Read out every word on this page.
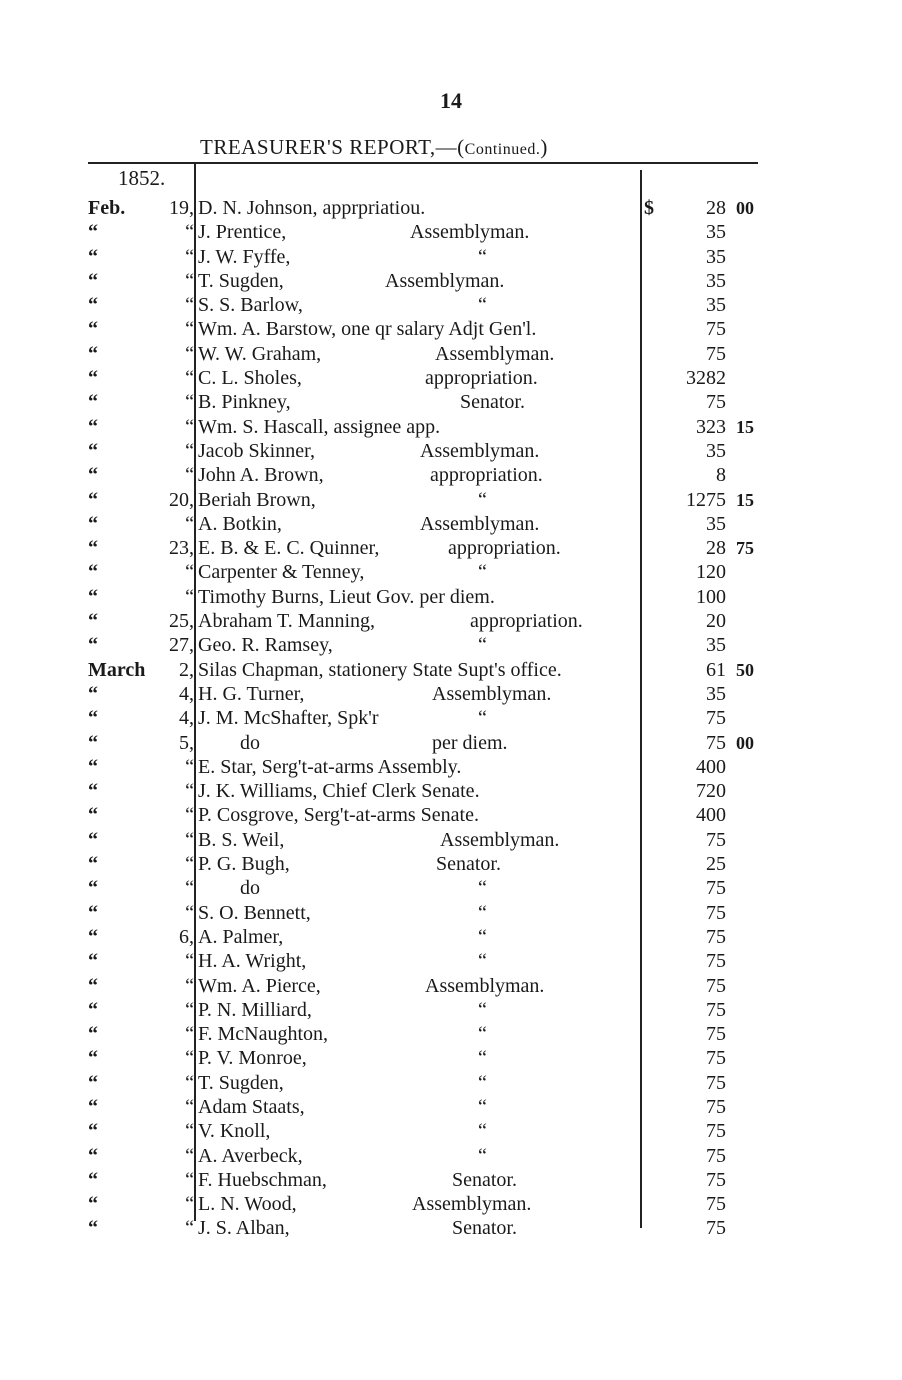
14
TREASURER'S REPORT,—(Continued.)
1852.
Feb.	19, D. N. Johnson, apprpriatiou.	28 00
$
“	“ J. Prentice,	Assemblyman.	35
“	“ J. W. Fyffe,	“	35
“	“ T. Sugden,	Assemblyman.	35
“	“ S. S. Barlow,	“	35
“	“ Wm. A. Barstow, one qr salary Adjt Gen'l.	75
“	“ W. W. Graham,	Assemblyman.	75
“	“ C. L. Sholes,	appropriation.	3282
“	“ B. Pinkney,	Senator.	75
“	“ Wm. S. Hascall, assignee app.	323 15
“	“ Jacob Skinner,	Assemblyman.	35
“	“ John A. Brown,	appropriation.	8
“	20, Beriah Brown,	“	1275 15
“	“ A. Botkin,	Assemblyman.	35
“	23, E. B. & E. C. Quinner,	appropriation.	28 75
“	“ Carpenter & Tenney,	“	120
“	“ Timothy Burns, Lieut Gov. per diem.	100
“	25, Abraham T. Manning,	appropriation.	20
“	27, Geo. R. Ramsey,	“	35
March	2, Silas Chapman, stationery State Supt's office.	61 50
“	4, H. G. Turner,	Assemblyman.	35
“	4, J. M. McShafter, Spk'r	“	75
“	5, do	per diem.	75 00
“	“ E. Star, Serg't-at-arms Assembly.	400
“	“ J. K. Williams, Chief Clerk Senate.	720
“	“ P. Cosgrove, Serg't-at-arms Senate.	400
“	“ B. S. Weil,	Assemblyman.	75
“	“ P. G. Bugh,	Senator.	25
“	“ do	“	75
“	“ S. O. Bennett,	“	75
“	6, A. Palmer,	“	75
“	“ H. A. Wright,	“	75
“	“ Wm. A. Pierce,	Assemblyman.	75
“	“ P. N. Milliard,	“	75
“	“ F. McNaughton,	“	75
“	“ P. V. Monroe,	“	75
“	“ T. Sugden,	“	75
“	“ Adam Staats,	“	75
“	“ V. Knoll,	“	75
“	“ A. Averbeck,	“	75
“	“ F. Huebschman,	Senator.	75
“	“ L. N. Wood,	Assemblyman.	75
“	“ J. S. Alban,	Senator.	75
